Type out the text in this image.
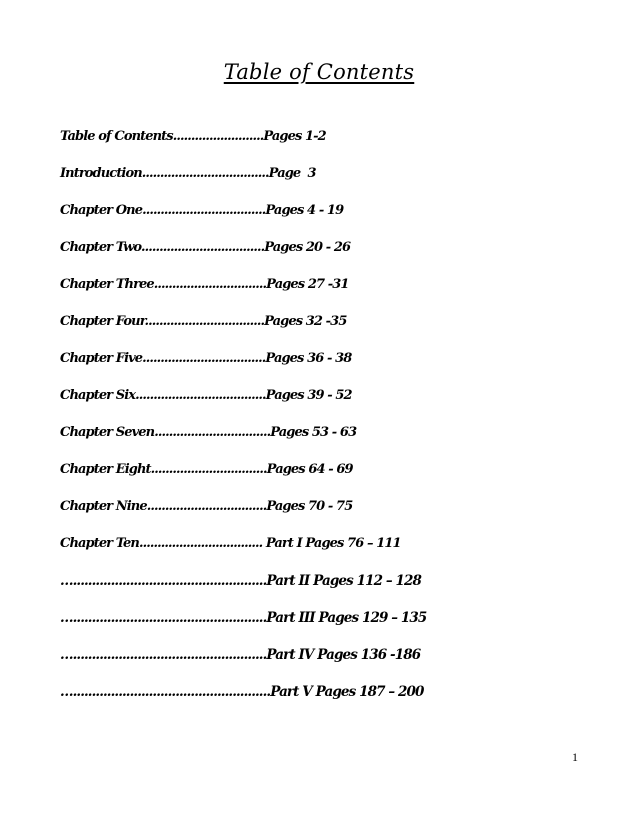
Table of Contents
Table of Contents.........................Pages 1-2
Introduction...................................Page  3
Chapter One..................................Pages 4 - 19
Chapter Two..................................Pages 20 - 26
Chapter Three...............................Pages 27 -31
Chapter Four.................................Pages 32 -35
Chapter Five..................................Pages 36 - 38
Chapter Six....................................Pages 39 - 52
Chapter Seven................................Pages 53 - 63
Chapter Eight................................Pages 64 - 69
Chapter Nine.................................Pages 70 - 75
Chapter Ten.................................. Part I Pages 76 – 111
…...................................................Part II Pages 112 – 128
…...................................................Part III Pages 129 – 135
…...................................................Part IV Pages 136 -186
…....................................................Part V Pages 187 – 200
1
